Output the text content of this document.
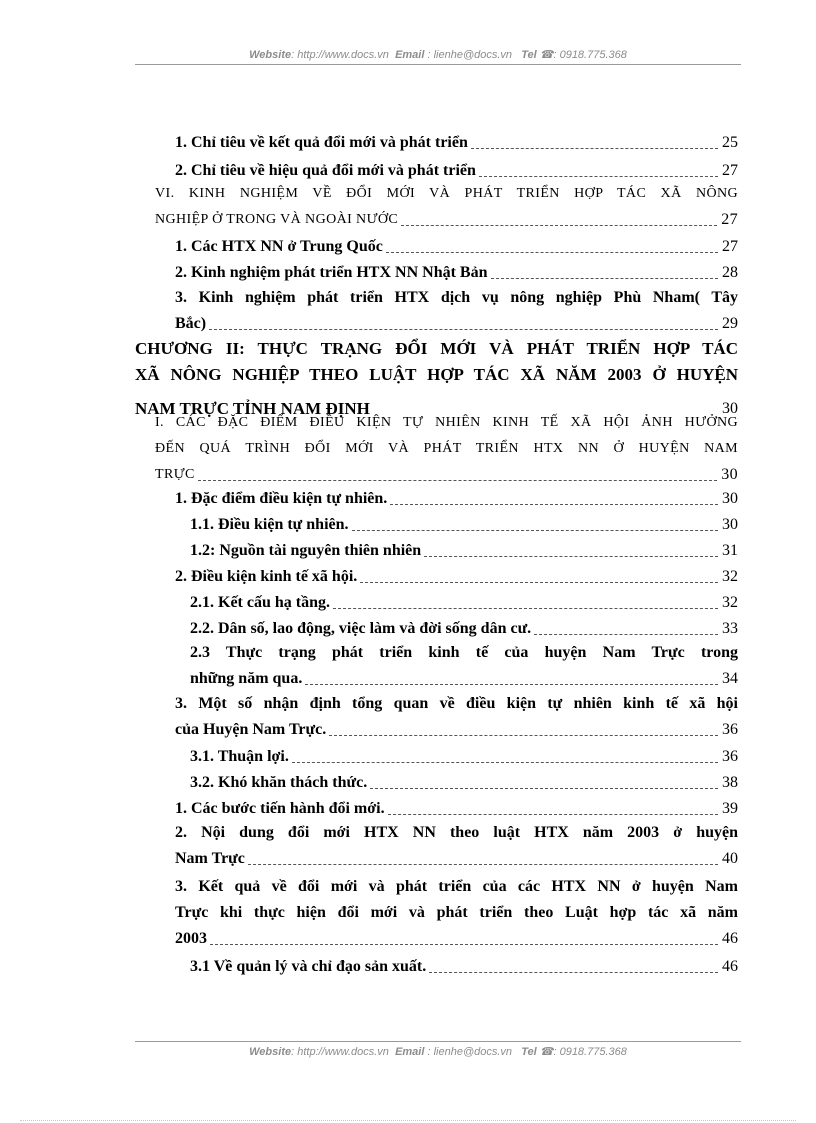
Website: http://www.docs.vn Email : lienhe@docs.vn Tel ☎: 0918.775.368
1. Chỉ tiêu về kết quả đổi mới và phát triển	25
2. Chỉ tiêu về hiệu quả đổi mới và phát triển	27
VI. KINH NGHIỆM VỀ ĐỔI MỚI VÀ PHÁT TRIỂN HỢP TÁC XÃ NÔNG
NGHIỆP Ở TRONG VÀ NGOÀI NƯỚC	27
1. Các HTX NN ở Trung Quốc	27
2. Kinh nghiệm phát triển HTX NN Nhật Bản	28
3. Kinh nghiệm phát triển HTX dịch vụ nông nghiệp Phù Nham( Tây
Bắc)	29
CHƯƠNG II: THỰC TRẠNG ĐỔI MỚI VÀ PHÁT TRIỂN HỢP TÁC
XÃ NÔNG NGHIỆP THEO LUẬT HỢP TÁC XÃ NĂM 2003 Ở HUYỆN
NAM TRỰC TỈNH NAM ĐỊNH	30
I. CÁC ĐẶC ĐIỂM ĐIỀU KIỆN TỰ NHIÊN KINH TẾ XÃ HỘI ẢNH HƯỞNG
ĐẾN QUÁ TRÌNH ĐỔI MỚI VÀ PHÁT TRIỂN HTX NN Ở HUYỆN NAM
TRỰC	30
1. Đặc điểm điều kiện tự nhiên.	30
1.1. Điều kiện tự nhiên.	30
1.2: Nguồn tài nguyên thiên nhiên	31
2. Điều kiện kinh tế xã hội.	32
2.1. Kết cấu hạ tầng.	32
2.2. Dân số, lao động, việc làm và đời sống dân cư.	33
2.3 Thực trạng phát triển kinh tế của huyện Nam Trực trong
những năm qua.	34
3. Một số nhận định tổng quan về điều kiện tự nhiên kinh tế xã hội
của Huyện Nam Trực.	36
3.1. Thuận lợi.	36
3.2. Khó khăn thách thức.	38
1. Các bước tiến hành đổi mới.	39
2. Nội dung đổi mới HTX NN theo luật HTX năm 2003 ở huyện
Nam Trực	40
3. Kết quả về đổi mới và phát triển của các HTX NN ở huyện Nam
Trực khi thực hiện đổi mới và phát triển theo Luật hợp tác xã năm
2003	46
3.1 Về quản lý và chỉ đạo sản xuất.	46
Website: http://www.docs.vn Email : lienhe@docs.vn Tel ☎: 0918.775.368
